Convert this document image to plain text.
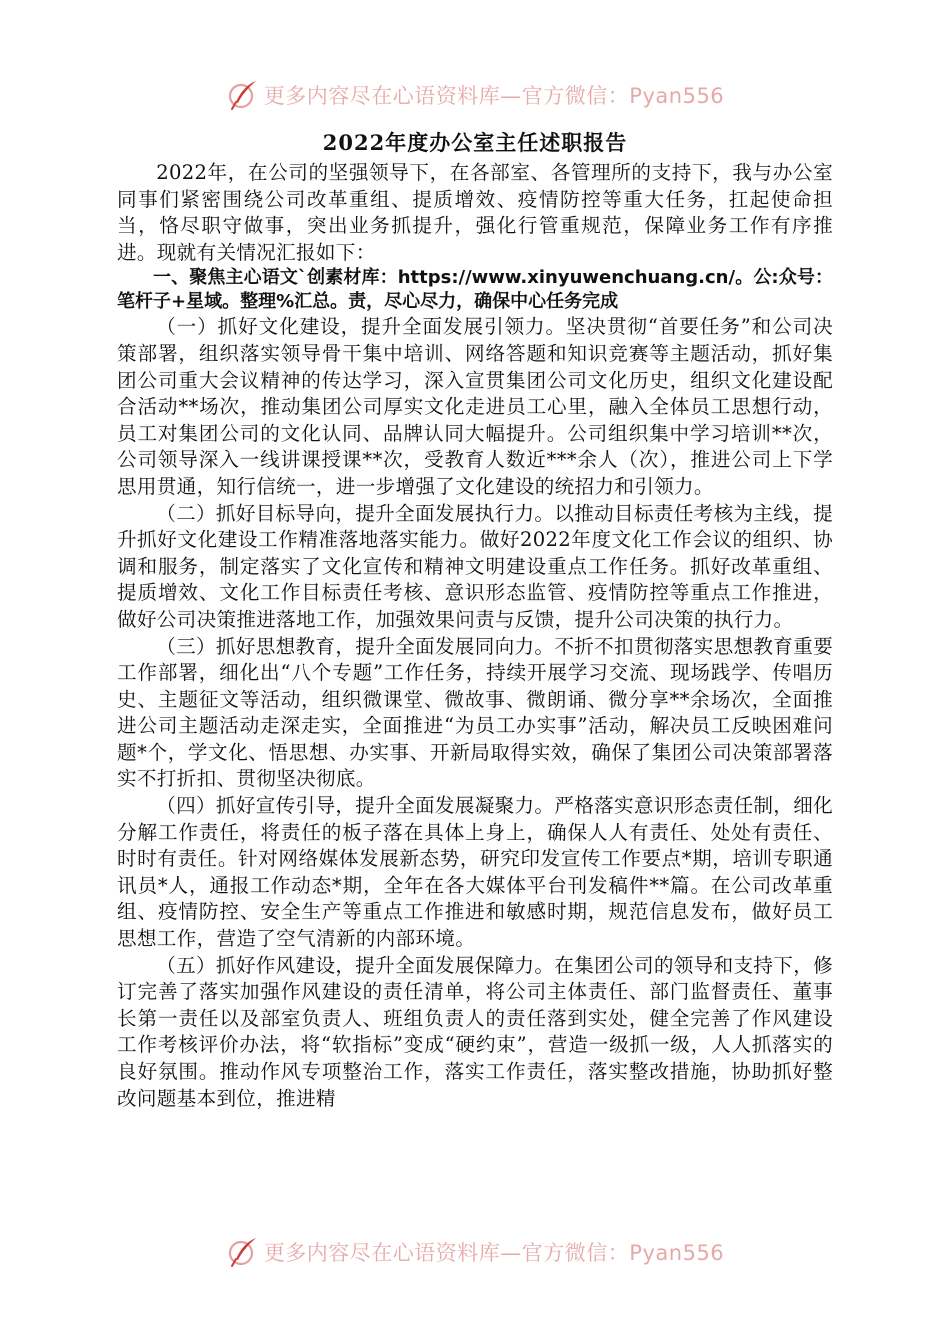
更多内容尽在心语资料库—官方微信：Pyan556
2022年度办公室主任述职报告

2022年，在公司的坚强领导下，在各部室、各管理所的支持下，我与办公室同事们紧密围绕公司改革重组、提质增效、疫情防控等重大任务，扛起使命担当，恪尽职守做事，突出业务抓提升，强化行管重规范，保障业务工作有序推进。现就有关情况汇报如下：

一、聚焦主心语文`创素材库：https://www.xinyuwenchuang.cn/。公:众号：笔杆子+星域。整理%汇总。责，尽心尽力，确保中心任务完成

（一）抓好文化建设，提升全面发展引领力。坚决贯彻“首要任务”和公司决策部署，组织落实领导骨干集中培训、网络答题和知识竞赛等主题活动，抓好集团公司重大会议精神的传达学习，深入宣贯集团公司文化历史，组织文化建设配合活动**场次，推动集团公司厚实文化走进员工心里，融入全体员工思想行动，员工对集团公司的文化认同、品牌认同大幅提升。公司组织集中学习培训**次，公司领导深入一线讲课授课**次，受教育人数近***余人（次），推进公司上下学思用贯通，知行信统一，进一步增强了文化建设的统招力和引领力。

（二）抓好目标导向，提升全面发展执行力。以推动目标责任考核为主线，提升抓好文化建设工作精准落地落实能力。做好2022年度文化工作会议的组织、协调和服务，制定落实了文化宣传和精神文明建设重点工作任务。抓好改革重组、提质增效、文化工作目标责任考核、意识形态监管、疫情防控等重点工作推进，做好公司决策推进落地工作，加强效果问责与反馈，提升公司决策的执行力。

（三）抓好思想教育，提升全面发展同向力。不折不扣贯彻落实思想教育重要工作部署，细化出“八个专题”工作任务，持续开展学习交流、现场践学、传唱历史、主题征文等活动，组织微课堂、微故事、微朗诵、微分享**余场次，全面推进公司主题活动走深走实，全面推进“为员工办实事”活动，解决员工反映困难问题*个，学文化、悟思想、办实事、开新局取得实效，确保了集团公司决策部署落实不打折扣、贯彻坚决彻底。

（四）抓好宣传引导，提升全面发展凝聚力。严格落实意识形态责任制，细化分解工作责任，将责任的板子落在具体上身上，确保人人有责任、处处有责任、时时有责任。针对网络媒体发展新态势，研究印发宣传工作要点*期，培训专职通讯员*人，通报工作动态*期，全年在各大媒体平台刊发稿件**篇。在公司改革重组、疫情防控、安全生产等重点工作推进和敏感时期，规范信息发布，做好员工思想工作，营造了空气清新的内部环境。

（五）抓好作风建设，提升全面发展保障力。在集团公司的领导和支持下，修订完善了落实加强作风建设的责任清单，将公司主体责任、部门监督责任、董事长第一责任以及部室负责人、班组负责人的责任落到实处，健全完善了作风建设工作考核评价办法，将“软指标”变成“硬约束”，营造一级抓一级，人人抓落实的良好氛围。推动作风专项整治工作，落实工作责任，落实整改措施，协助抓好整改问题基本到位，推进精

更多内容尽在心语资料库—官方微信：Pyan556
